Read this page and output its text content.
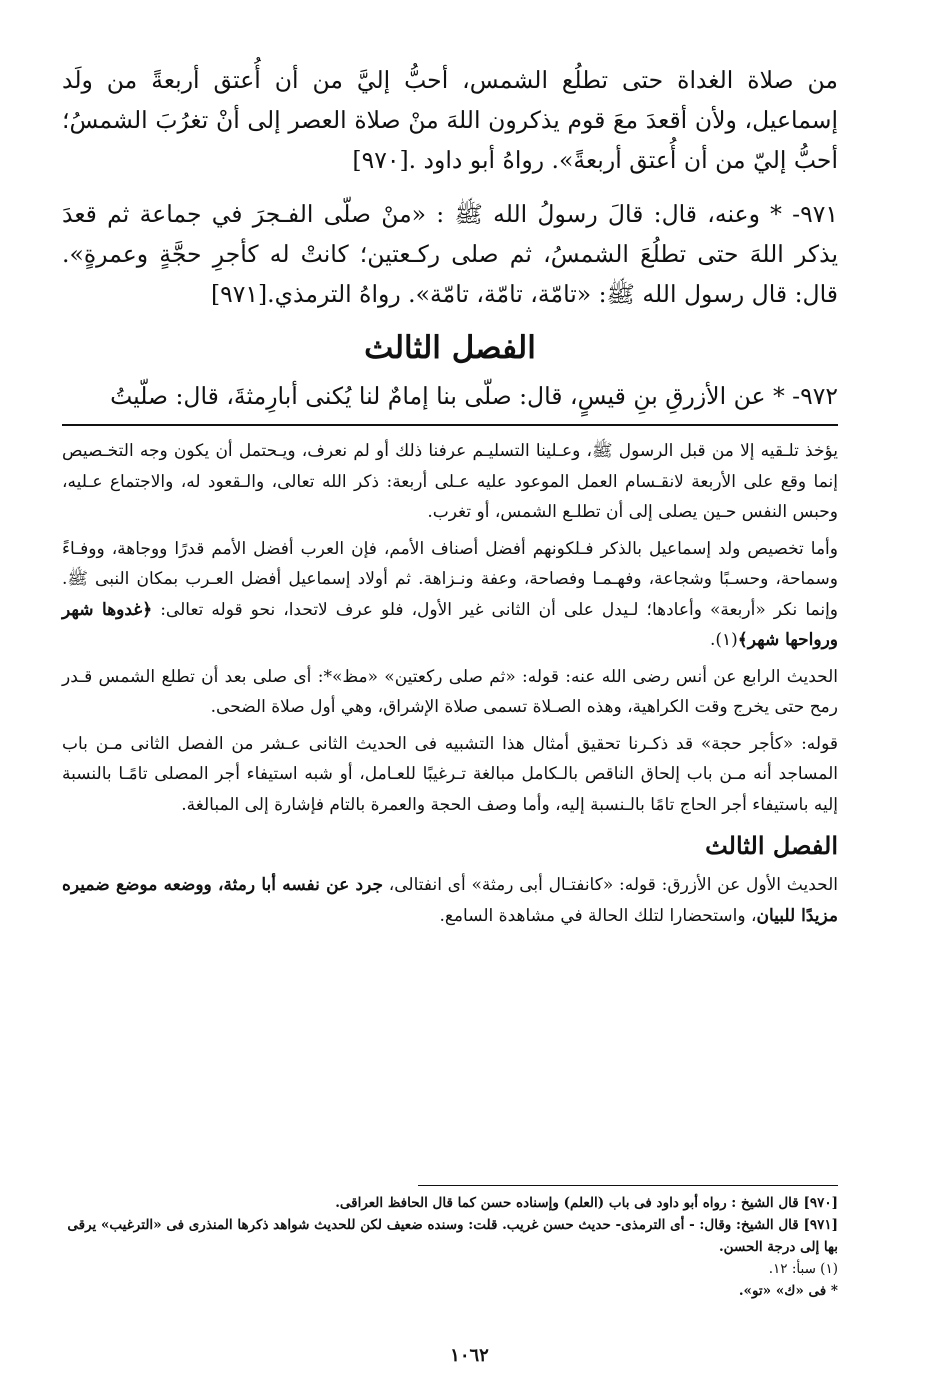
من صلاة الغداة حتى تطلُع الشمس، أحبُّ إليَّ من أن أُعتق أربعةً من ولَد إسماعيل، ولأن أقعدَ معَ قوم يذكرون اللهَ منْ صلاة العصر إلى أنْ تغرُبَ الشمسُ؛ أحبُّ إليّ من أن أُعتق أربعةً». رواهُ أبو داود .[٩٧٠]

٩٧١- * وعنه، قال: قالَ رسولُ الله ﷺ : «منْ صلّى الفـجرَ في جماعة ثم قعدَ يذكر اللهَ حتى تطلُعَ الشمسُ، ثم صلى ركـعتين؛ كانتْ له كأجرِ حجَّةٍ وعمرةٍ». قال: قال رسول الله ﷺ: «تامّة، تامّة، تامّة». رواهُ الترمذي.[٩٧١]

الفصل الثالث

٩٧٢- * عن الأزرقِ بنِ قيسٍ، قال: صلّى بنا إمامٌ لنا يُكنى أبارِمثةَ، قال: صلّيتُ

يؤخذ تلـقيه إلا من قبل الرسول ﷺ، وعـلينا التسليـم عرفنا ذلك أو لم نعرف، ويـحتمل أن يكون وجه التخـصيص إنما وقع على الأربعة لانقـسام العمل الموعود عليه عـلى أربعة: ذكر الله تعالى، والـقعود له، والاجتماع عـليه، وحبس النفس حـين يصلى إلى أن تطلـع الشمس، أو تغرب.

وأما تخصيص ولد إسماعيل بالذكر فـلكونهم أفضل أصناف الأمم، فإن العرب أفضل الأمم قدرًا ووجاهة، ووفـاءً وسماحة، وحسـبًا وشجاعة، وفهـمـا وفصاحة، وعفة ونـزاهة. ثم أولاد إسماعيل أفضل العـرب بمكان النبى ﷺ. وإنما نكر «أربعة» وأعادها؛ لـيدل على أن الثانى غير الأول، فلو عرف لاتحدا، نحو قوله تعالى: ﴿غدوها شهر ورواحها شهر﴾(١).

الحديث الرابع عن أنس رضى الله عنه: قوله: «ثم صلى ركعتين» «مظ»*: أى صلى بعد أن تطلع الشمس قـدر رمح حتى يخرج وقت الكراهية، وهذه الصـلاة تسمى صلاة الإشراق، وهي أول صلاة الضحى.

قوله: «كأجر حجة» قد ذكـرنا تحقيق أمثال هذا التشبيه فى الحديث الثانى عـشر من الفصل الثانى مـن باب المساجد أنه مـن باب إلحاق الناقص بالـكامل مبالغة تـرغيبًا للعـامل، أو شبه استيفاء أجر المصلى تامًـا بالنسبة إليه باستيفاء أجر الحاج تامًا بالـنسبة إليه، وأما وصف الحجة والعمرة بالتام فإشارة إلى المبالغة.

الفصل الثالث

الحديث الأول عن الأزرق: قوله: «كانفتـال أبى رمثة» أى انفتالى، جرد عن نفسه أبا رمثة، ووضعه موضع ضميره مزيدًا للبيان، واستحضارا لتلك الحالة في مشاهدة السامع.

[٩٧٠] قال الشيخ : رواه أبو داود فى باب (العلم) وإسناده حسن كما قال الحافظ العراقى.

[٩٧١] قال الشيخ: وقال: - أى الترمذى- حديث حسن غريب. قلت: وسنده ضعيف لكن للحديث شواهد ذكرها المنذرى فى «الترغيب» يرقى بها إلى درجة الحسن.

(١) سبأ: ١٢.

* فى «ك» «تو».

١٠٦٢
